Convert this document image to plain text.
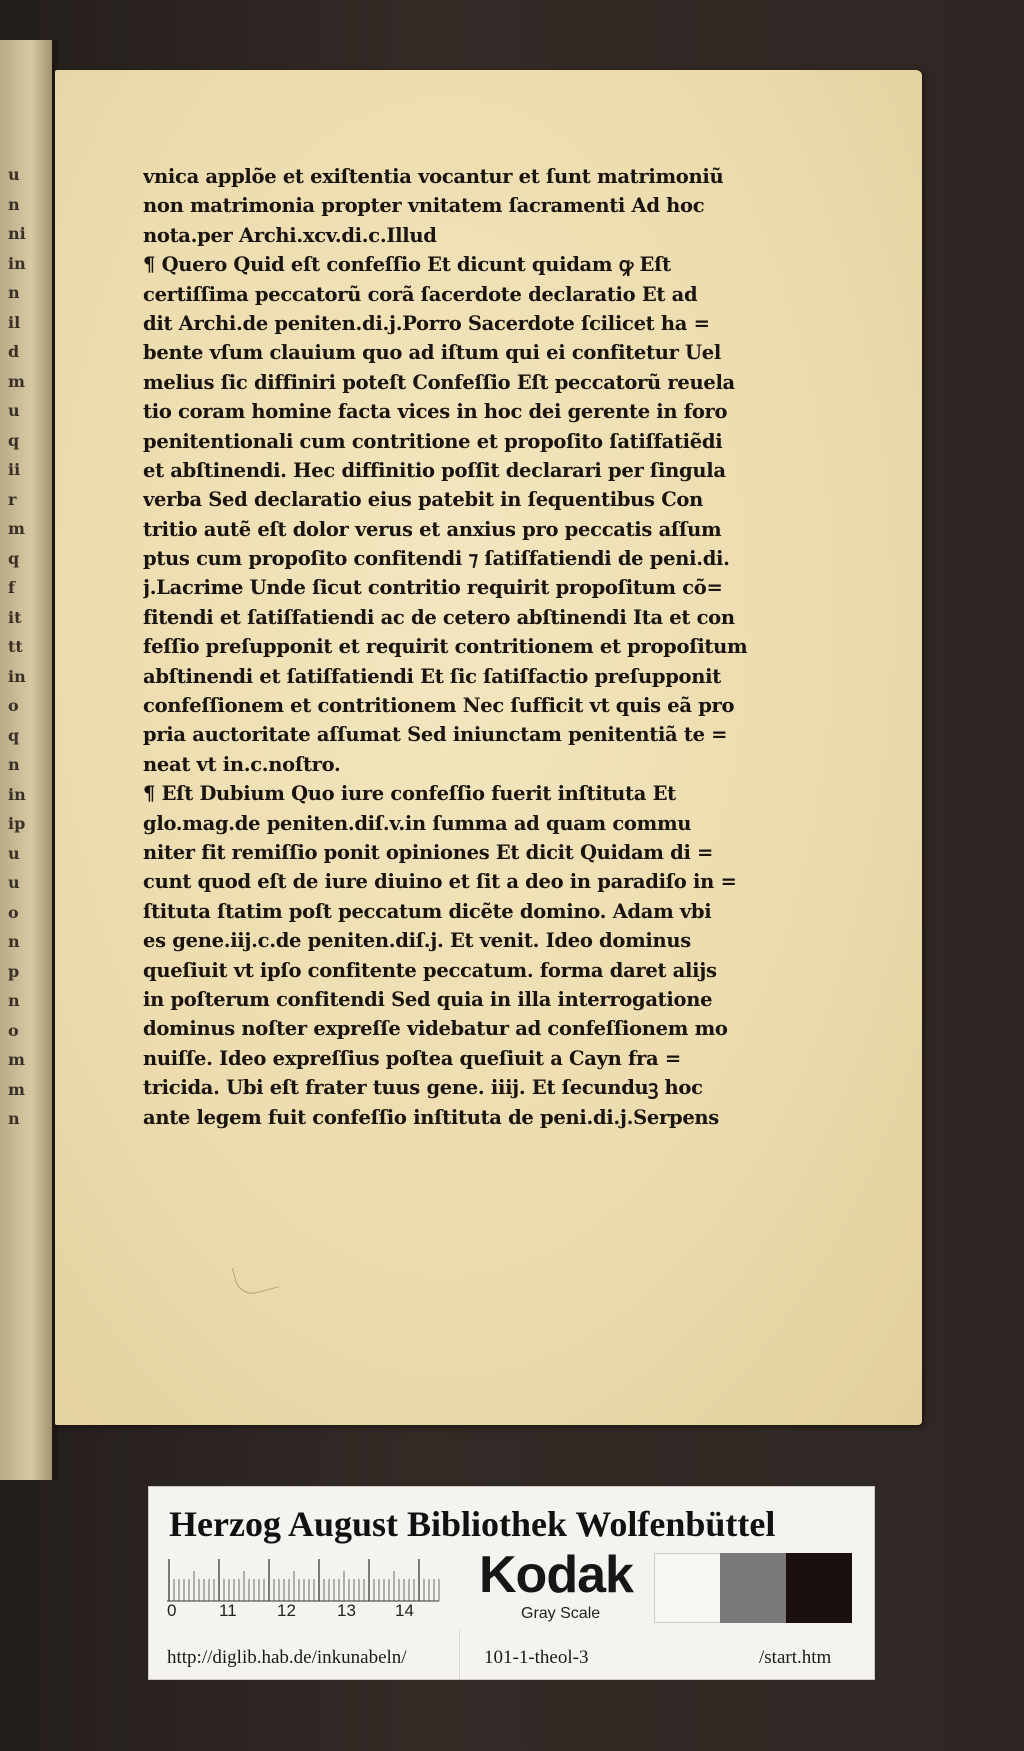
u
n
ni
in
n
il
d
m
u
q
ii
r
m
q
f
it
tt
in
o
q
n
in
ip
u
u
o
n
p
n
o
m
m
n
vnica applõe et exiſtentia vocantur et ſunt matrimoniũ
non matrimonia propter vnitatem ſacramenti Ad hoc
nota.per Archi.xcv.di.c.Illud
¶ Quero Quid eſt confeſſio Et dicunt quidam ꝙ Eſt
certiſſima peccatorũ corã ſacerdote declaratio Et ad
dit Archi.de peniten.di.j.Porro Sacerdote ſcilicet ha =
bente vſum clauium quo ad iſtum qui ei confitetur Uel
melius ſic diffiniri poteſt Confeſſio Eſt peccatorũ reuela
tio coram homine facta vices in hoc dei gerente in foro
penitentionali cum contritione et propoſito ſatiſfatiẽdi
et abſtinendi. Hec diffinitio poſſit declarari per ſingula
verba Sed declaratio eius patebit in ſequentibus Con
tritio autẽ eſt dolor verus et anxius pro peccatis aſſum
ptus cum propoſito confitendi ⁊ ſatiſfatiendi de peni.di.
j.Lacrime Unde ſicut contritio requirit propoſitum cõ=
fitendi et ſatiſfatiendi ac de cetero abſtinendi Ita et con
feſſio preſupponit et requirit contritionem et propoſitum
abſtinendi et ſatiſfatiendi Et ſic ſatiſfactio preſupponit
confeſſionem et contritionem Nec ſufficit vt quis eã pro
pria auctoritate aſſumat Sed iniunctam penitentiã te =
neat vt in.c.noſtro.
¶ Eſt Dubium Quo iure confeſſio fuerit inſtituta Et
glo.mag.de peniten.diſ.v.in ſumma ad quam commu
niter fit remiſſio ponit opiniones Et dicit Quidam di =
cunt quod eſt de iure diuino et ſit a deo in paradiſo in =
ſtituta ſtatim poſt peccatum dicẽte domino. Adam vbi
es gene.iij.c.de peniten.diſ.j. Et venit. Ideo dominus
queſiuit vt ipſo confitente peccatum. forma daret alijs
in poſterum confitendi Sed quia in illa interrogatione
dominus noſter expreſſe videbatur ad confeſſionem mo
nuiſſe. Ideo expreſſius poſtea queſiuit a Cayn fra =
tricida. Ubi eſt frater tuus gene. iiij. Et ſecunduꝫ hoc
ante legem fuit confeſſio inſtituta de peni.di.j.Serpens
Herzog August Bibliothek Wolfenbüttel
0	11 12 13 14
Kodak
Gray Scale
http://diglib.hab.de/inkunabeln/	101-1-theol-3	/start.htm
